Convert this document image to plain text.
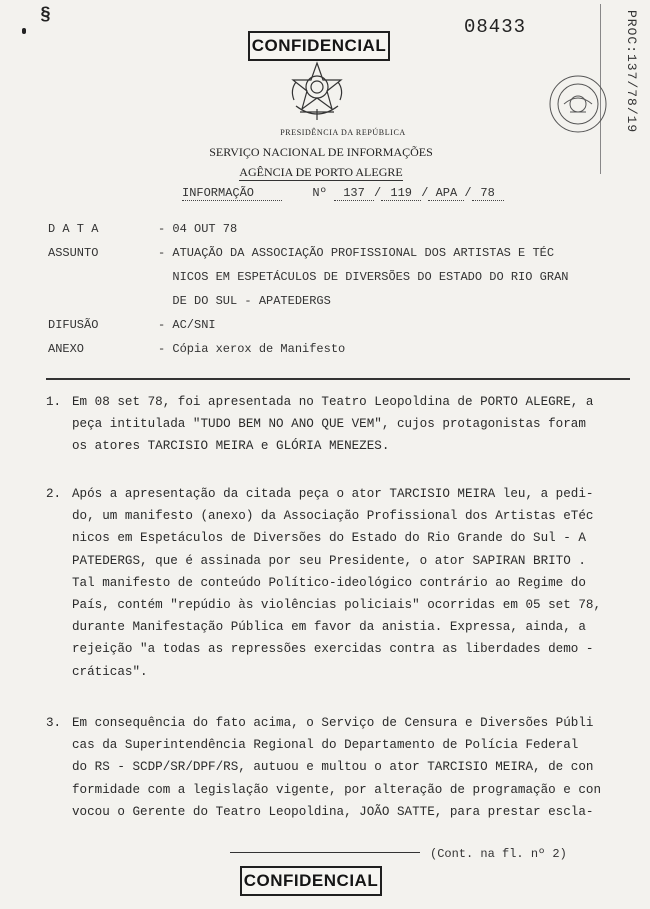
§	08433
CONFIDENCIAL	PROC:137/78/19
PRESIDÊNCIA DA REPÚBLICA
SERVIÇO NACIONAL DE INFORMAÇÕES
AGÊNCIA DE PORTO ALEGRE
INFORMAÇÃO	Nº 137 / 119 / APA / 78
D A T A	- 04 OUT 78
ASSUNTO	- ATUAÇÃO DA ASSOCIAÇÃO PROFISSIONAL DOS ARTISTAS E TÉC
NICOS EM ESPETÁCULOS DE DIVERSÕES DO ESTADO DO RIO GRAN
DE DO SUL - APATEDERGS
DIFUSÃO	- AC/SNI
ANEXO	- Cópia xerox de Manifesto
1. Em 08 set 78, foi apresentada no Teatro Leopoldina de PORTO ALEGRE, a
peça intitulada "TUDO BEM NO ANO QUE VEM", cujos protagonistas foram
os atores TARCISIO MEIRA e GLÓRIA MENEZES.
2. Após a apresentação da citada peça o ator TARCISIO MEIRA leu, a pedi-
do, um manifesto (anexo) da Associação Profissional dos Artistas eTéc
nicos em Espetáculos de Diversões do Estado do Rio Grande do Sul - A
PATEDERGS, que é assinada por seu Presidente, o ator SAPIRAN BRITO .
Tal manifesto de conteúdo Político-ideológico contrário ao Regime do
País, contém "repúdio às violências policiais" ocorridas em 05 set 78,
durante Manifestação Pública em favor da anistia. Expressa, ainda, a
rejeição "a todas as repressões exercidas contra as liberdades demo -
cráticas".
3. Em consequência do fato acima, o Serviço de Censura e Diversões Públi
cas da Superintendência Regional do Departamento de Polícia Federal
do RS - SCDP/SR/DPF/RS, autuou e multou o ator TARCISIO MEIRA, de con
formidade com a legislação vigente, por alteração de programação e con
vocou o Gerente do Teatro Leopoldina, JOÃO SATTE, para prestar escla-
(Cont. na fl. nº 2)
CONFIDENCIAL
